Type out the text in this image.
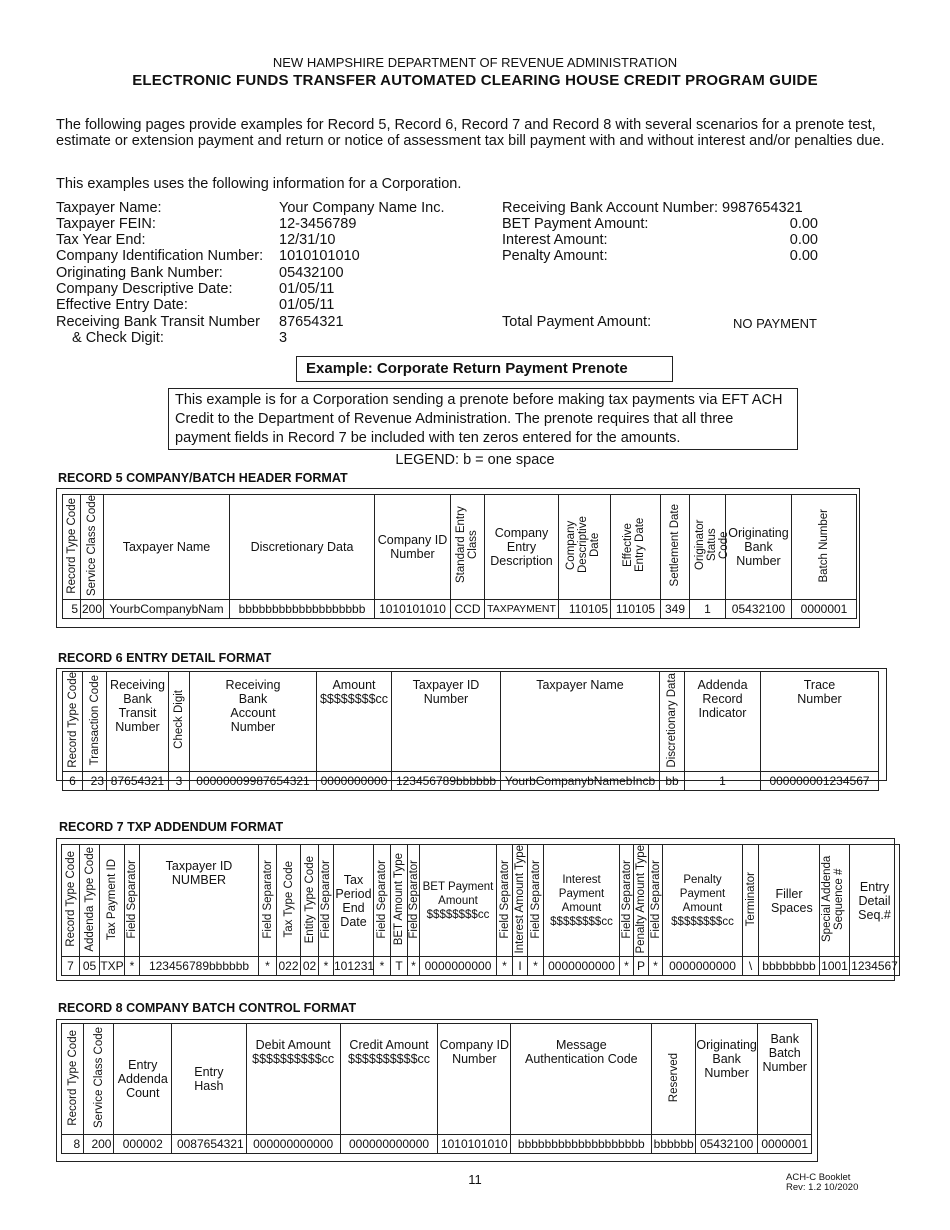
NEW HAMPSHIRE DEPARTMENT OF REVENUE ADMINISTRATION
ELECTRONIC FUNDS TRANSFER AUTOMATED CLEARING HOUSE CREDIT PROGRAM GUIDE
The following pages provide examples for Record 5, Record 6, Record 7 and Record 8 with several scenarios for a prenote test, estimate or extension payment and return or notice of assessment tax bill payment with and without interest and/or penalties due.
This examples uses the following information for a Corporation.
Taxpayer Name:	Your Company Name Inc.
Taxpayer FEIN:	12-3456789
Tax Year End:	12/31/10
Company Identification Number: 1010101010
Originating Bank Number:	05432100
Company Descriptive Date:	01/05/11
Effective Entry Date:	01/05/11
Receiving Bank Transit Number 87654321
& Check Digit:	3
Receiving Bank Account Number: 9987654321
BET Payment Amount:	0.00
Interest Amount:	0.00
Penalty Amount:	0.00
Total Payment Amount:	NO PAYMENT
Example: Corporate Return Payment Prenote
This example is for a Corporation sending a prenote before making tax payments via EFT ACH Credit to the Department of Revenue Administration. The prenote requires that all three payment fields in Record 7 be included with ten zeros entered for the amounts.
LEGEND: b = one space
RECORD 5 COMPANY/BATCH HEADER FORMAT
Record Type Code	Service Class Code	Taxpayer Name	Discretionary Data	Company ID Number	Standard Entry Class	Company Entry Description	Company Descriptive Date	Effective Entry Date	Settlement Date	Originator Status Code	Originating Bank Number	Batch Number
5	200	YourbCompanybNam	bbbbbbbbbbbbbbbbbbb	1010101010	CCD	TAXPAYMENT	110105	110105	349	1	05432100	0000001
RECORD 6 ENTRY DETAIL FORMAT
Record Type Code	Transaction Code	Receiving Bank Transit Number	Check Digit	Receiving Bank Account Number	Amount $$$$$$$$cc	Taxpayer ID Number	Taxpayer Name	Discretionary Data	Addenda Record Indicator	Trace Number
6	23	87654321	3	00000009987654321	0000000000	123456789bbbbbb	YourbCompanybNamebIncb	bb	1	000000001234567
RECORD 7 TXP ADDENDUM FORMAT
Record Type Code	Addenda Type Code	Tax Payment ID	Field Separator	Taxpayer ID NUMBER	Field Separator	Tax Type Code	Entity Type Code	Field Separator	Tax Period End Date	Field Separator	BET Amount Type	Field Separator	BET Payment Amount $$$$$$$$cc	Field Separator	Interest Amount Type	Field Separator	Interest Payment Amount $$$$$$$$cc	Field Separator	Penalty Amount Type	Field Separator	Penalty Payment Amount $$$$$$$$cc	Terminator	Filler Spaces	Special Addenda Sequence #	Entry Detail Seq.#
7	05	TXP	*	123456789bbbbbb	*	022	02	*	101231	*	T	*	0000000000	*	I	*	0000000000	*	P	*	0000000000	\	bbbbbbbb	1001	1234567
RECORD 8 COMPANY BATCH CONTROL FORMAT
Record Type Code	Service Class Code	Entry Addenda Count	Entry Hash	Debit Amount $$$$$$$$$$cc	Credit Amount $$$$$$$$$$cc	Company ID Number	Message Authentication Code	Reserved	Originating Bank Number	Bank Batch Number
8	200	000002	0087654321	000000000000	000000000000	1010101010	bbbbbbbbbbbbbbbbbbb	bbbbbb	05432100	0000001
11	ACH-C Booklet
Rev: 1.2 10/2020
